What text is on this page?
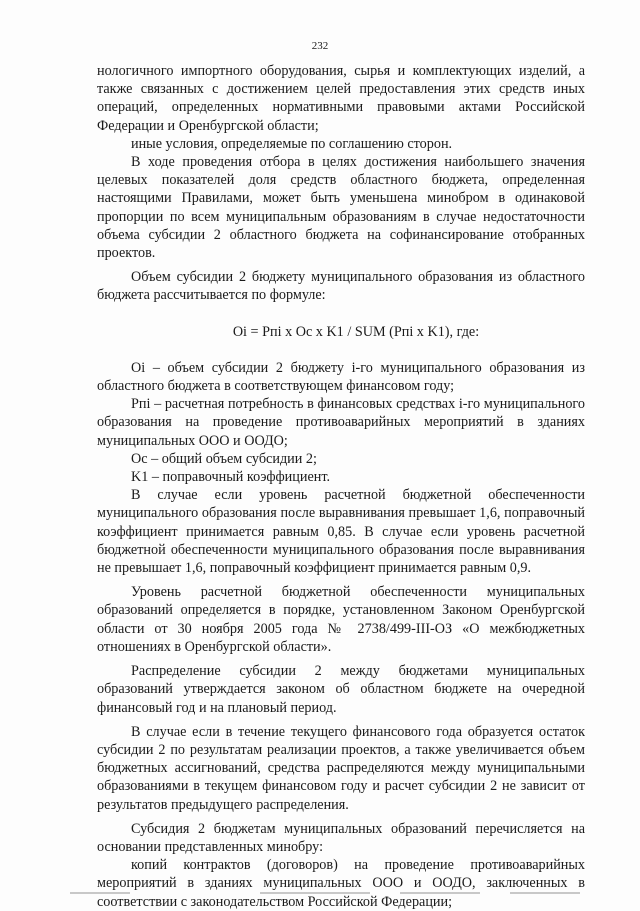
232

нологичного импортного оборудования, сырья и комплектующих изделий, а также связанных с достижением целей предоставления этих средств иных операций, определенных нормативными правовыми актами Российской Федерации и Оренбургской области;

иные условия, определяемые по соглашению сторон.

В ходе проведения отбора в целях достижения наибольшего значения целевых показателей доля средств областного бюджета, определенная настоящими Правилами, может быть уменьшена минобром в одинаковой пропорции по всем муниципальным образованиям в случае недостаточности объема субсидии 2 областного бюджета на софинансирование отобранных проектов.

Объем субсидии 2 бюджету муниципального образования из областного бюджета рассчитывается по формуле:

Oi = Pпi x Oc x K1 / SUM (Pпi x K1), где:

Oi – объем субсидии 2 бюджету i-го муниципального образования из областного бюджета в соответствующем финансовом году;

Pпi – расчетная потребность в финансовых средствах i-го муниципального образования на проведение противоаварийных мероприятий в зданиях муниципальных ООО и ООДО;

Oc – общий объем субсидии 2;

K1 – поправочный коэффициент.

В случае если уровень расчетной бюджетной обеспеченности муниципального образования после выравнивания превышает 1,6, поправочный коэффициент принимается равным 0,85. В случае если уровень расчетной бюджетной обеспеченности муниципального образования после выравнивания не превышает 1,6, поправочный коэффициент принимается равным 0,9.

Уровень расчетной бюджетной обеспеченности муниципальных образований определяется в порядке, установленном Законом Оренбургской области от 30 ноября 2005 года № 2738/499-III-ОЗ «О межбюджетных отношениях в Оренбургской области».

Распределение субсидии 2 между бюджетами муниципальных образований утверждается законом об областном бюджете на очередной финансовый год и на плановый период.

В случае если в течение текущего финансового года образуется остаток субсидии 2 по результатам реализации проектов, а также увеличивается объем бюджетных ассигнований, средства распределяются между муниципальными образованиями в текущем финансовом году и расчет субсидии 2 не зависит от результатов предыдущего распределения.

Субсидия 2 бюджетам муниципальных образований перечисляется на основании представленных минобру:

копий контрактов (договоров) на проведение противоаварийных мероприятий в зданиях муниципальных ООО и ООДО, заключенных в соответствии с законодательством Российской Федерации;
